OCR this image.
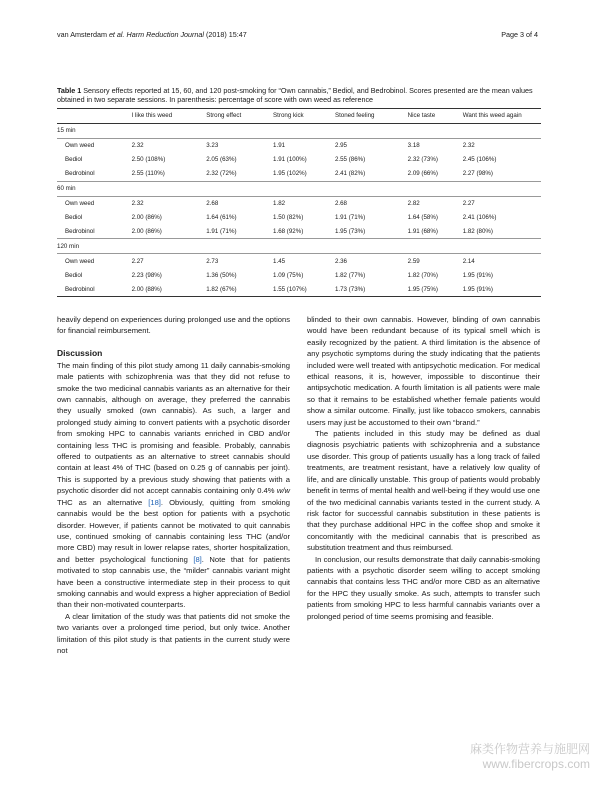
van Amsterdam et al. Harm Reduction Journal (2018) 15:47	Page 3 of 4
Table 1 Sensory effects reported at 15, 60, and 120 post-smoking for “Own cannabis,” Bediol, and Bedrobinol. Scores presented are the mean values obtained in two separate sessions. In parenthesis: percentage of score with own weed as reference
	I like this weed	Strong effect	Strong kick	Stoned feeling	Nice taste	Want this weed again
15 min						
Own weed	2.32	3.23	1.91	2.95	3.18	2.32
Bediol	2.50 (108%)	2.05 (63%)	1.91 (100%)	2.55 (86%)	2.32 (73%)	2.45 (106%)
Bedrobinol	2.55 (110%)	2.32 (72%)	1.95 (102%)	2.41 (82%)	2.09 (66%)	2.27 (98%)
60 min						
Own weed	2.32	2.68	1.82	2.68	2.82	2.27
Bediol	2.00 (86%)	1.64 (61%)	1.50 (82%)	1.91 (71%)	1.64 (58%)	2.41 (106%)
Bedrobinol	2.00 (86%)	1.91 (71%)	1.68 (92%)	1.95 (73%)	1.91 (68%)	1.82 (80%)
120 min						
Own weed	2.27	2.73	1.45	2.36	2.59	2.14
Bediol	2.23 (98%)	1.36 (50%)	1.09 (75%)	1.82 (77%)	1.82 (70%)	1.95 (91%)
Bedrobinol	2.00 (88%)	1.82 (67%)	1.55 (107%)	1.73 (73%)	1.95 (75%)	1.95 (91%)

heavily depend on experiences during prolonged use and the options for financial reimbursement.

Discussion

The main finding of this pilot study among 11 daily cannabis-smoking male patients with schizophrenia was that they did not refuse to smoke the two medicinal cannabis variants as an alternative for their own cannabis, although on average, they preferred the cannabis they usually smoked (own cannabis). As such, a larger and prolonged study aiming to convert patients with a psychotic disorder from smoking HPC to cannabis variants enriched in CBD and/or containing less THC is promising and feasible. Probably, cannabis offered to outpatients as an alternative to street cannabis should contain at least 4% of THC (based on 0.25 g of cannabis per joint). This is supported by a previous study showing that patients with a psychotic disorder did not accept cannabis containing only 0.4% w/w THC as an alternative [18]. Obviously, quitting from smoking cannabis would be the best option for patients with a psychotic disorder. However, if patients cannot be motivated to quit cannabis use, continued smoking of cannabis containing less THC (and/or more CBD) may result in lower relapse rates, shorter hospitalization, and better psychological functioning [8]. Note that for patients motivated to stop cannabis use, the “milder” cannabis variant might have been a constructive intermediate step in their process to quit smoking cannabis and would express a higher appreciation of Bediol than their non-motivated counterparts.

A clear limitation of the study was that patients did not smoke the two variants over a prolonged time period, but only twice. Another limitation of this pilot study is that patients in the current study were not

blinded to their own cannabis. However, blinding of own cannabis would have been redundant because of its typical smell which is easily recognized by the patient. A third limitation is the absence of any psychotic symptoms during the study indicating that the patients included were well treated with antipsychotic medication. For medical ethical reasons, it is, however, impossible to discontinue their antipsychotic medication. A fourth limitation is all patients were male so that it remains to be established whether female patients would show a similar outcome. Finally, just like tobacco smokers, cannabis users may just be accustomed to their own “brand.”

The patients included in this study may be defined as dual diagnosis psychiatric patients with schizophrenia and a substance use disorder. This group of patients usually has a long track of failed treatments, are treatment resistant, have a relatively low quality of life, and are clinically unstable. This group of patients would probably benefit in terms of mental health and well-being if they would use one of the two medicinal cannabis variants tested in the current study. A risk factor for successful cannabis substitution in these patients is that they purchase additional HPC in the coffee shop and smoke it concomitantly with the medicinal cannabis that is prescribed as substitution treatment and thus reimbursed.

In conclusion, our results demonstrate that daily cannabis-smoking patients with a psychotic disorder seem willing to accept smoking cannabis that contains less THC and/or more CBD as an alternative for the HPC they usually smoke. As such, attempts to transfer such patients from smoking HPC to less harmful cannabis variants over a prolonged period of time seems promising and feasible.

麻类作物营养与施肥网
www.fibercrops.com
